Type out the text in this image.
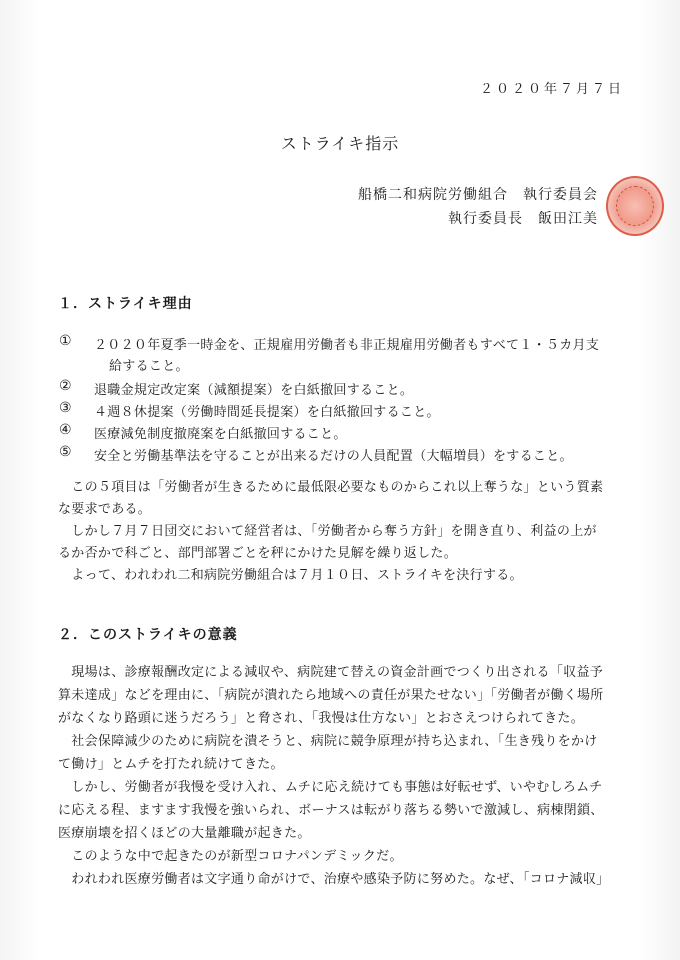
２０２０年７月７日
ストライキ指示
船橋二和病院労働組合　執行委員会
執行委員長　飯田江美
１．ストライキ理由
① ２０２０年夏季一時金を、正規雇用労働者も非正規雇用労働者もすべて１・５カ月支
給すること。
② 退職金規定改定案（減額提案）を白紙撤回すること。
③ ４週８休提案（労働時間延長提案）を白紙撤回すること。
④ 医療減免制度撤廃案を白紙撤回すること。
⑤ 安全と労働基準法を守ることが出来るだけの人員配置（大幅増員）をすること。
　この５項目は「労働者が生きるために最低限必要なものからこれ以上奪うな」という質素
な要求である。
　しかし７月７日団交において経営者は、「労働者から奪う方針」を開き直り、利益の上が
るか否かで科ごと、部門部署ごとを秤にかけた見解を繰り返した。
　よって、われわれ二和病院労働組合は７月１０日、ストライキを決行する。
２．このストライキの意義
　現場は、診療報酬改定による減収や、病院建て替えの資金計画でつくり出される「収益予
算未達成」などを理由に、「病院が潰れたら地域への責任が果たせない」「労働者が働く場所
がなくなり路頭に迷うだろう」と脅され、「我慢は仕方ない」とおさえつけられてきた。
　社会保障減少のために病院を潰そうと、病院に競争原理が持ち込まれ、「生き残りをかけ
て働け」とムチを打たれ続けてきた。
　しかし、労働者が我慢を受け入れ、ムチに応え続けても事態は好転せず、いやむしろムチ
に応える程、ますます我慢を強いられ、ボーナスは転がり落ちる勢いで激減し、病棟閉鎖、
医療崩壊を招くほどの大量離職が起きた。
　このような中で起きたのが新型コロナパンデミックだ。
　われわれ医療労働者は文字通り命がけで、治療や感染予防に努めた。なぜ、「コロナ減収」
